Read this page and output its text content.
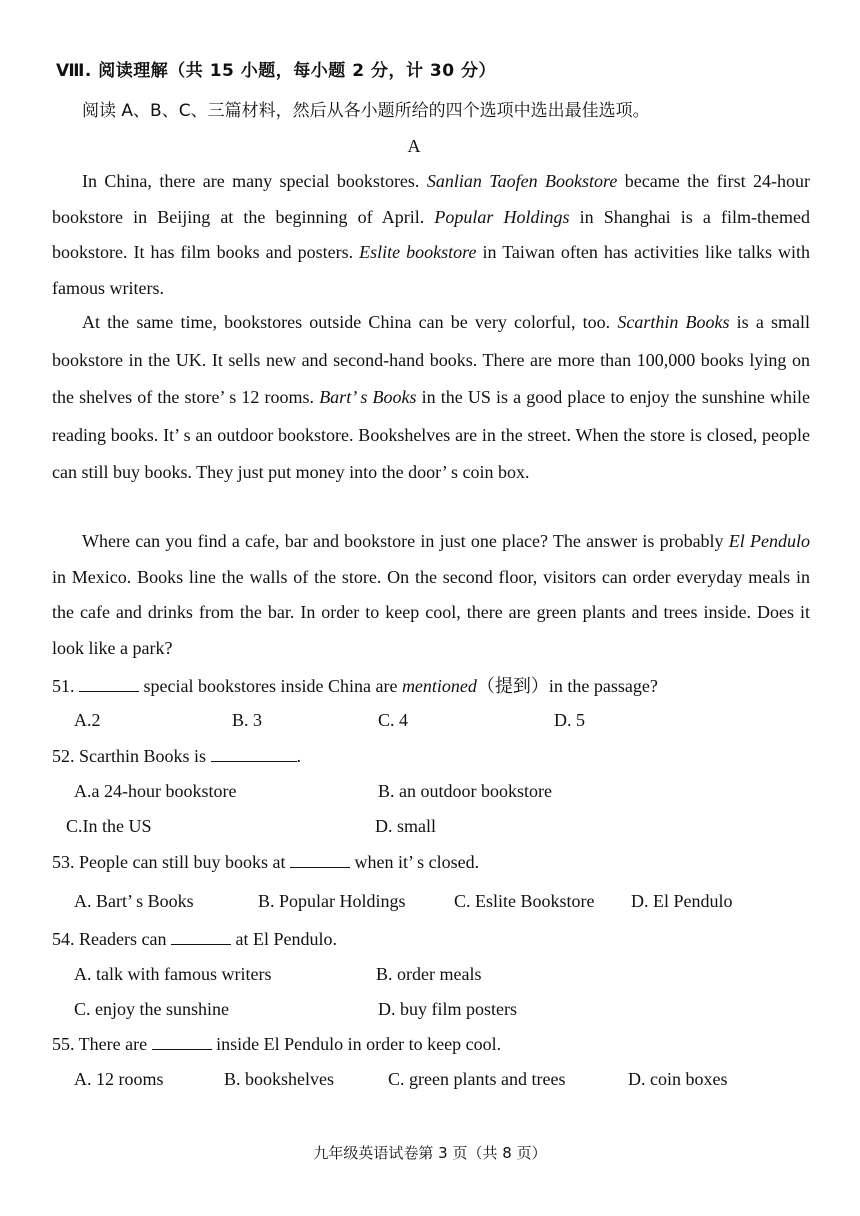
Ⅷ. 阅读理解（共 15 小题，每小题 2 分，计 30 分）
阅读 A、B、C、三篇材料，然后从各小题所给的四个选项中选出最佳选项。
A

In China, there are many special bookstores. Sanlian Taofen Bookstore became the first 24-hour bookstore in Beijing at the beginning of April. Popular Holdings in Shanghai is a film-themed bookstore. It has film books and posters. Eslite bookstore in Taiwan often has activities like talks with famous writers.

At the same time, bookstores outside China can be very colorful, too. Scarthin Books is a small bookstore in the UK. It sells new and second-hand books. There are more than 100,000 books lying on the shelves of the store’ s 12 rooms. Bart’ s Books in the US is a good place to enjoy the sunshine while reading books. It’ s an outdoor bookstore. Bookshelves are in the street. When the store is closed, people can still buy books. They just put money into the door’ s coin box.

Where can you find a cafe, bar and bookstore in just one place? The answer is probably El Pendulo in Mexico. Books line the walls of the store. On the second floor, visitors can order everyday meals in the cafe and drinks from the bar. In order to keep cool, there are green plants and trees inside. Does it look like a park?

51.	special bookstores inside China are mentioned（提到）in the passage?
A.2	B. 3	C. 4	D. 5
52. Scarthin Books is	.
A.a 24-hour bookstore	B. an outdoor bookstore
C.In the US	D. small
53. People can still buy books at	when it’ s closed.
A. Bart’ s Books	B. Popular Holdings	C. Eslite Bookstore D. El Pendulo
54. Readers can	at El Pendulo.
A. talk with famous writers	B. order meals
C. enjoy the sunshine	D. buy film posters
55. There are	inside El Pendulo in order to keep cool.
A. 12 rooms	B. bookshelves	C. green plants and trees	D. coin boxes
九年级英语试卷第 3 页（共 8 页）
